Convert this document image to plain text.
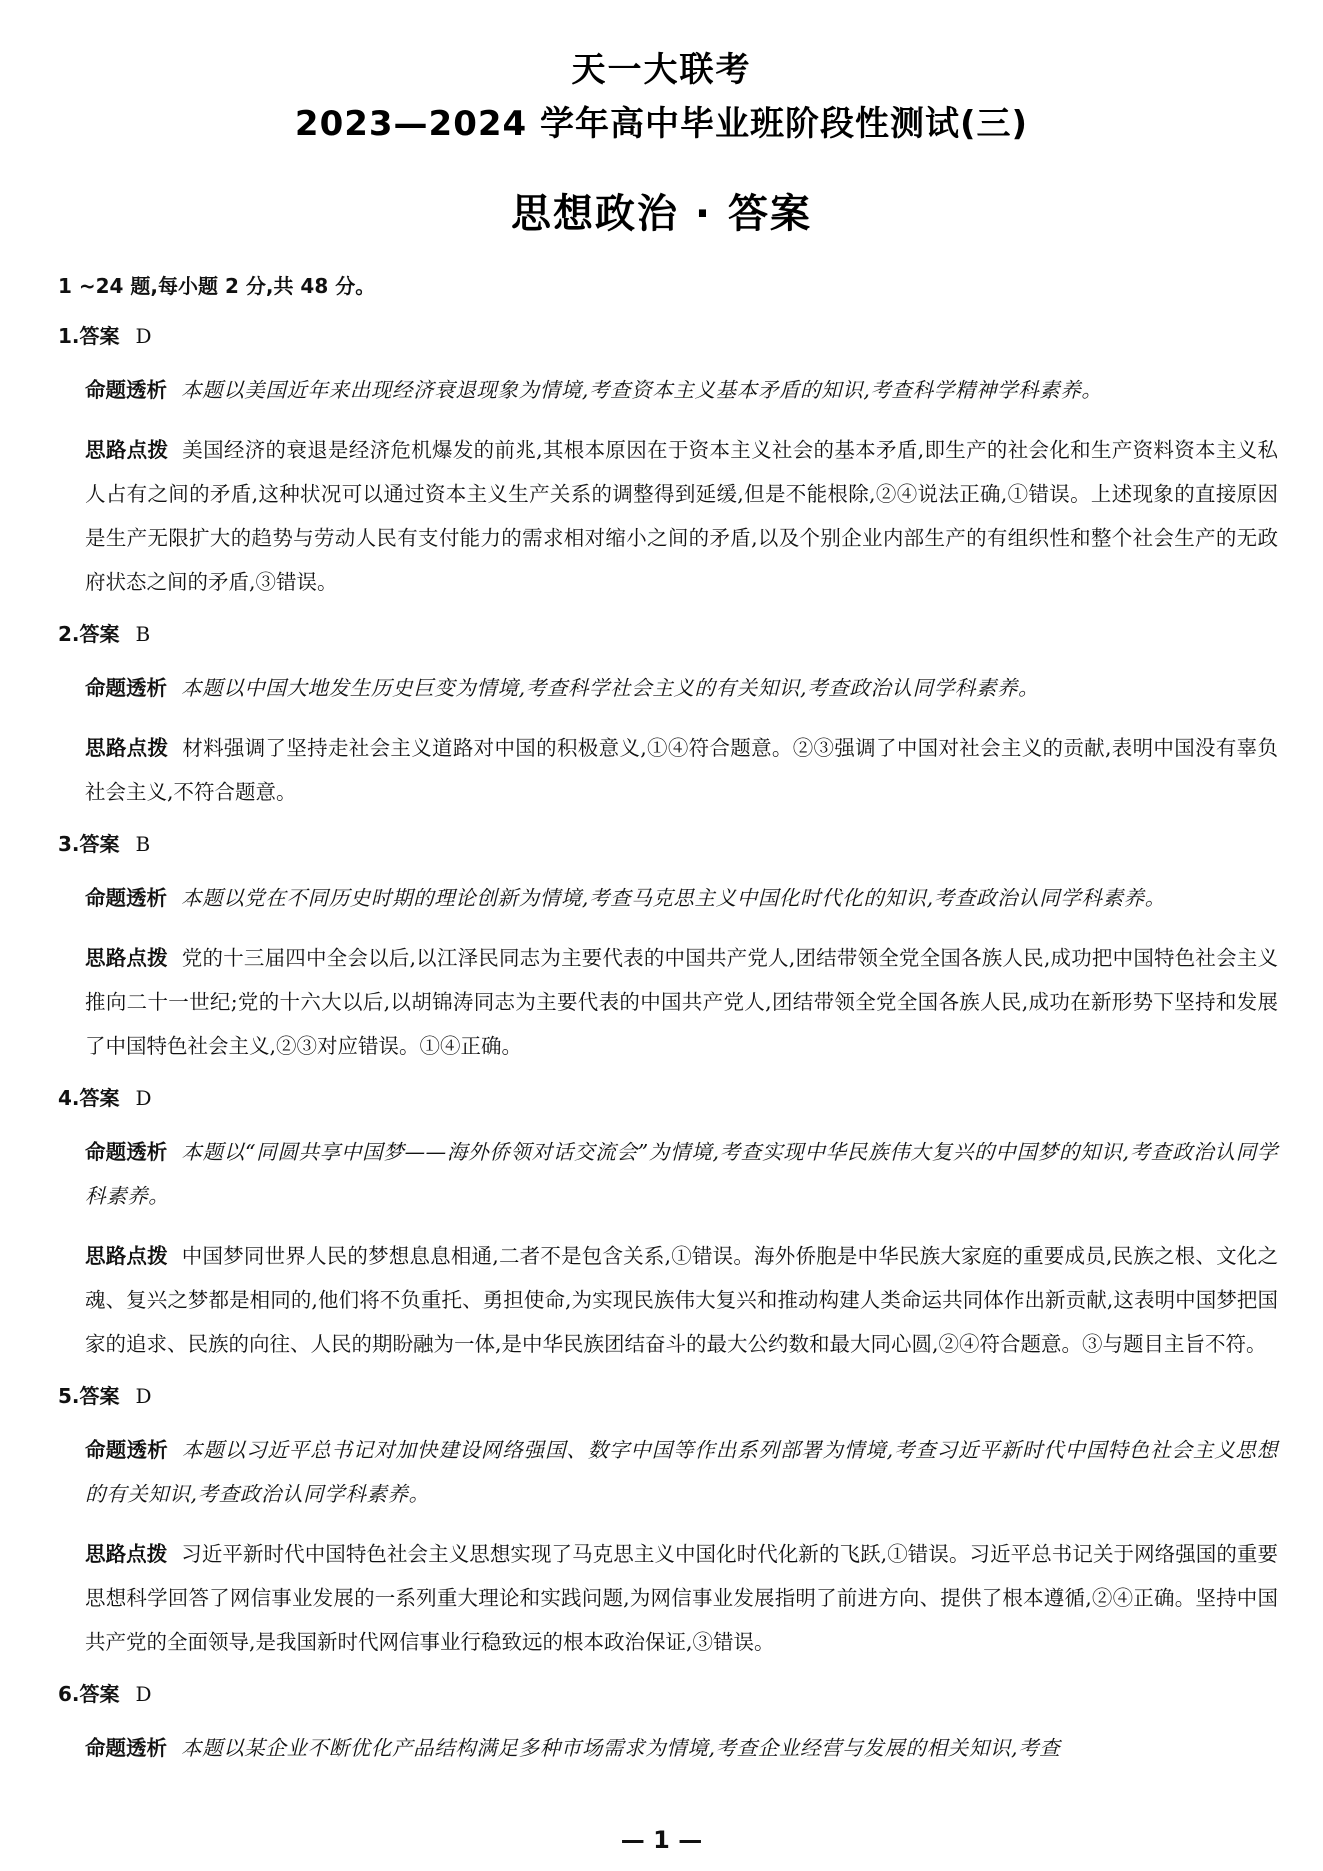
天一大联考
2023—2024 学年高中毕业班阶段性测试(三)
思想政治 · 答案
1 ~24 题,每小题 2 分,共 48 分。
1.答案 D
命题透析 本题以美国近年来出现经济衰退现象为情境,考查资本主义基本矛盾的知识,考查科学精神学科素养。
思路点拨 美国经济的衰退是经济危机爆发的前兆,其根本原因在于资本主义社会的基本矛盾,即生产的社会化和生产资料资本主义私人占有之间的矛盾,这种状况可以通过资本主义生产关系的调整得到延缓,但是不能根除,②④说法正确,①错误。上述现象的直接原因是生产无限扩大的趋势与劳动人民有支付能力的需求相对缩小之间的矛盾,以及个别企业内部生产的有组织性和整个社会生产的无政府状态之间的矛盾,③错误。
2.答案 B
命题透析 本题以中国大地发生历史巨变为情境,考查科学社会主义的有关知识,考查政治认同学科素养。
思路点拨 材料强调了坚持走社会主义道路对中国的积极意义,①④符合题意。②③强调了中国对社会主义的贡献,表明中国没有辜负社会主义,不符合题意。
3.答案 B
命题透析 本题以党在不同历史时期的理论创新为情境,考查马克思主义中国化时代化的知识,考查政治认同学科素养。
思路点拨 党的十三届四中全会以后,以江泽民同志为主要代表的中国共产党人,团结带领全党全国各族人民,成功把中国特色社会主义推向二十一世纪;党的十六大以后,以胡锦涛同志为主要代表的中国共产党人,团结带领全党全国各族人民,成功在新形势下坚持和发展了中国特色社会主义,②③对应错误。①④正确。
4.答案 D
命题透析 本题以“同圆共享中国梦——海外侨领对话交流会”为情境,考查实现中华民族伟大复兴的中国梦的知识,考查政治认同学科素养。
思路点拨 中国梦同世界人民的梦想息息相通,二者不是包含关系,①错误。海外侨胞是中华民族大家庭的重要成员,民族之根、文化之魂、复兴之梦都是相同的,他们将不负重托、勇担使命,为实现民族伟大复兴和推动构建人类命运共同体作出新贡献,这表明中国梦把国家的追求、民族的向往、人民的期盼融为一体,是中华民族团结奋斗的最大公约数和最大同心圆,②④符合题意。③与题目主旨不符。
5.答案 D
命题透析 本题以习近平总书记对加快建设网络强国、数字中国等作出系列部署为情境,考查习近平新时代中国特色社会主义思想的有关知识,考查政治认同学科素养。
思路点拨 习近平新时代中国特色社会主义思想实现了马克思主义中国化时代化新的飞跃,①错误。习近平总书记关于网络强国的重要思想科学回答了网信事业发展的一系列重大理论和实践问题,为网信事业发展指明了前进方向、提供了根本遵循,②④正确。坚持中国共产党的全面领导,是我国新时代网信事业行稳致远的根本政治保证,③错误。
6.答案 D
命题透析 本题以某企业不断优化产品结构满足多种市场需求为情境,考查企业经营与发展的相关知识,考查
— 1 —
